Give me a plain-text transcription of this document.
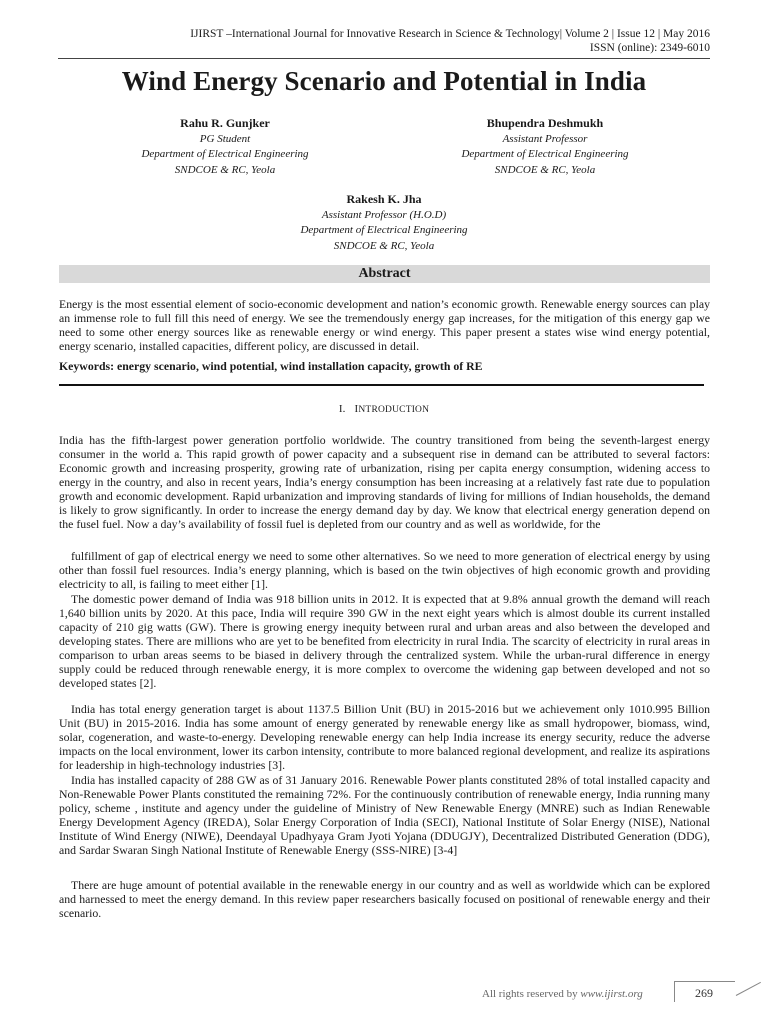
IJIRST –International Journal for Innovative Research in Science & Technology| Volume 2 | Issue 12 | May 2016
ISSN (online): 2349-6010
Wind Energy Scenario and Potential in India
Rahu R. Gunjker
PG Student
Department of Electrical Engineering
SNDCOE & RC, Yeola
Bhupendra Deshmukh
Assistant Professor
Department of Electrical Engineering
SNDCOE & RC, Yeola
Rakesh K. Jha
Assistant Professor (H.O.D)
Department of Electrical Engineering
SNDCOE & RC, Yeola
Abstract
Energy is the most essential element of socio-economic development and nation’s economic growth. Renewable energy sources can play an immense role to full fill this need of energy. We see the tremendously energy gap increases, for the mitigation of this energy gap we need to some other energy sources like as renewable energy or wind energy. This paper present a states wise wind energy potential, energy scenario, installed capacities, different policy, are discussed in detail.
Keywords: energy scenario, wind potential, wind installation capacity, growth of RE
I. INTRODUCTION
India has the fifth-largest power generation portfolio worldwide. The country transitioned from being the seventh-largest energy consumer in the world a. This rapid growth of power capacity and a subsequent rise in demand can be attributed to several factors: Economic growth and increasing prosperity, growing rate of urbanization, rising per capita energy consumption, widening access to energy in the country, and also in recent years, India’s energy consumption has been increasing at a relatively fast rate due to population growth and economic development. Rapid urbanization and improving standards of living for millions of Indian households, the demand is likely to grow significantly. In order to increase the energy demand day by day. We know that electrical energy generation depend on the fusel fuel. Now a day’s availability of fossil fuel is depleted from our country and as well as worldwide, for the
fulfillment of gap of electrical energy we need to some other alternatives. So we need to more generation of electrical energy by using other than fossil fuel resources. India’s energy planning, which is based on the twin objectives of high economic growth and providing electricity to all, is failing to meet either [1].
The domestic power demand of India was 918 billion units in 2012. It is expected that at 9.8% annual growth the demand will reach 1,640 billion units by 2020. At this pace, India will require 390 GW in the next eight years which is almost double its current installed capacity of 210 gig watts (GW). There is growing energy inequity between rural and urban areas and also between the developed and developing states. There are millions who are yet to be benefited from electricity in rural India. The scarcity of electricity in rural areas in comparison to urban areas seems to be biased in delivery through the centralized system. While the urban-rural difference in energy supply could be reduced through renewable energy, it is more complex to overcome the widening gap between developed and not so developed states [2].
India has total energy generation target is about 1137.5 Billion Unit (BU) in 2015-2016 but we achievement only 1010.995 Billion Unit (BU) in 2015-2016. India has some amount of energy generated by renewable energy like as small hydropower, biomass, wind, solar, cogeneration, and waste-to-energy. Developing renewable energy can help India increase its energy security, reduce the adverse impacts on the local environment, lower its carbon intensity, contribute to more balanced regional development, and realize its aspirations for leadership in high-technology industries [3].
India has installed capacity of 288 GW as of 31 January 2016. Renewable Power plants constituted 28% of total installed capacity and Non-Renewable Power Plants constituted the remaining 72%. For the continuously contribution of renewable energy, India running many policy, scheme , institute and agency under the guideline of Ministry of New Renewable Energy (MNRE) such as Indian Renewable Energy Development Agency (IREDA), Solar Energy Corporation of India (SECI), National Institute of Solar Energy (NISE), National Institute of Wind Energy (NIWE), Deendayal Upadhyaya Gram Jyoti Yojana (DDUGJY), Decentralized Distributed Generation (DDG), and Sardar Swaran Singh National Institute of Renewable Energy (SSS-NIRE) [3-4]
There are huge amount of potential available in the renewable energy in our country and as well as worldwide which can be explored and harnessed to meet the energy demand. In this review paper researchers basically focused on positional of renewable energy and their scenario.
All rights reserved by www.ijirst.org	269
